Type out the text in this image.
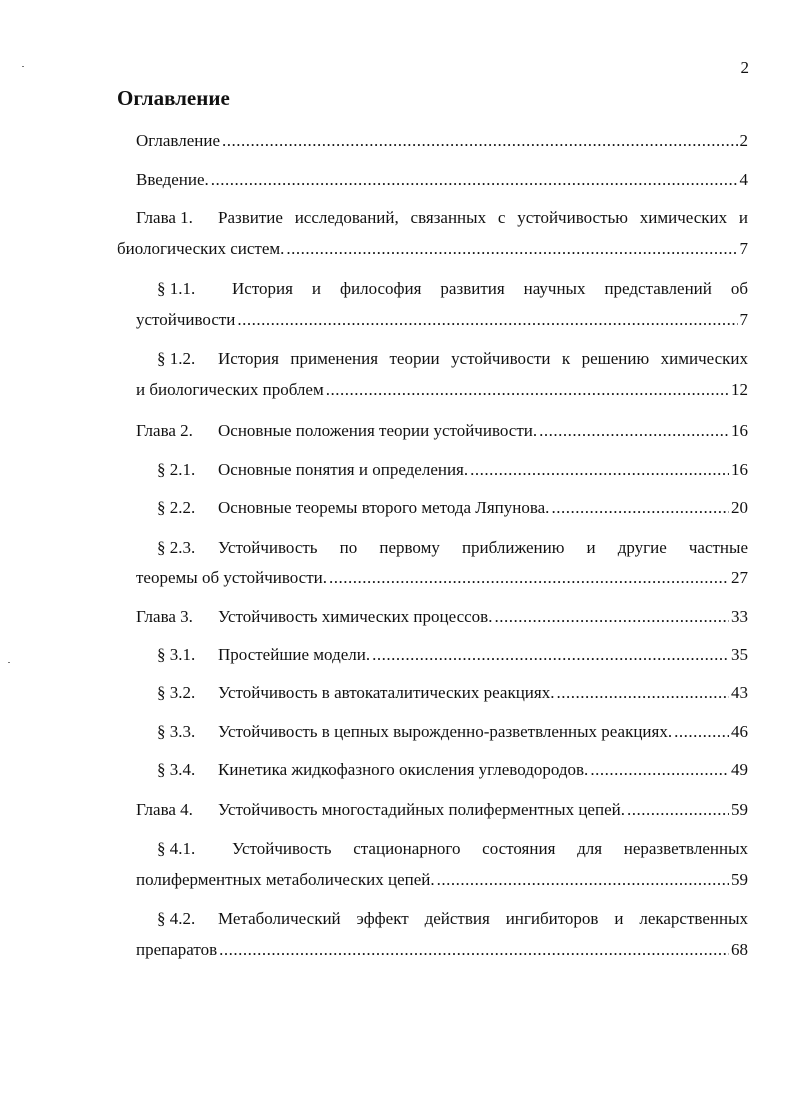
2
Оглавление
Оглавление .....	2
Введение. .....	4
Глава 1.	Развитие исследований, связанных с устойчивостью химических и
биологических систем. .....	7
§ 1.1.	История и философия развития научных представлений об
устойчивости .....	7
§ 1.2.	История применения теории устойчивости к решению химических
и биологических проблем .....	12
Глава 2.	Основные положения теории устойчивости. .....	16
§ 2.1.	Основные понятия и определения. .....	16
§ 2.2.	Основные теоремы второго метода Ляпунова. .....	20
§ 2.3.	Устойчивость по первому приближению и другие частные
теоремы об устойчивости. .....	27
Глава 3.	Устойчивость химических процессов. .....	33
§ 3.1.	Простейшие модели. .....	35
§ 3.2.	Устойчивость в автокаталитических реакциях. .....	43
§ 3.3.	Устойчивость в цепных вырожденно-разветвленных реакциях. .....	46
§ 3.4.	Кинетика жидкофазного окисления углеводородов. .....	49
Глава 4.	Устойчивость многостадийных полиферментных цепей. .....	59
§ 4.1.	Устойчивость стационарного состояния для неразветвленных
полиферментных метаболических цепей. .....	59
§ 4.2.	Метаболический эффект действия ингибиторов и лекарственных
препаратов .....	68
